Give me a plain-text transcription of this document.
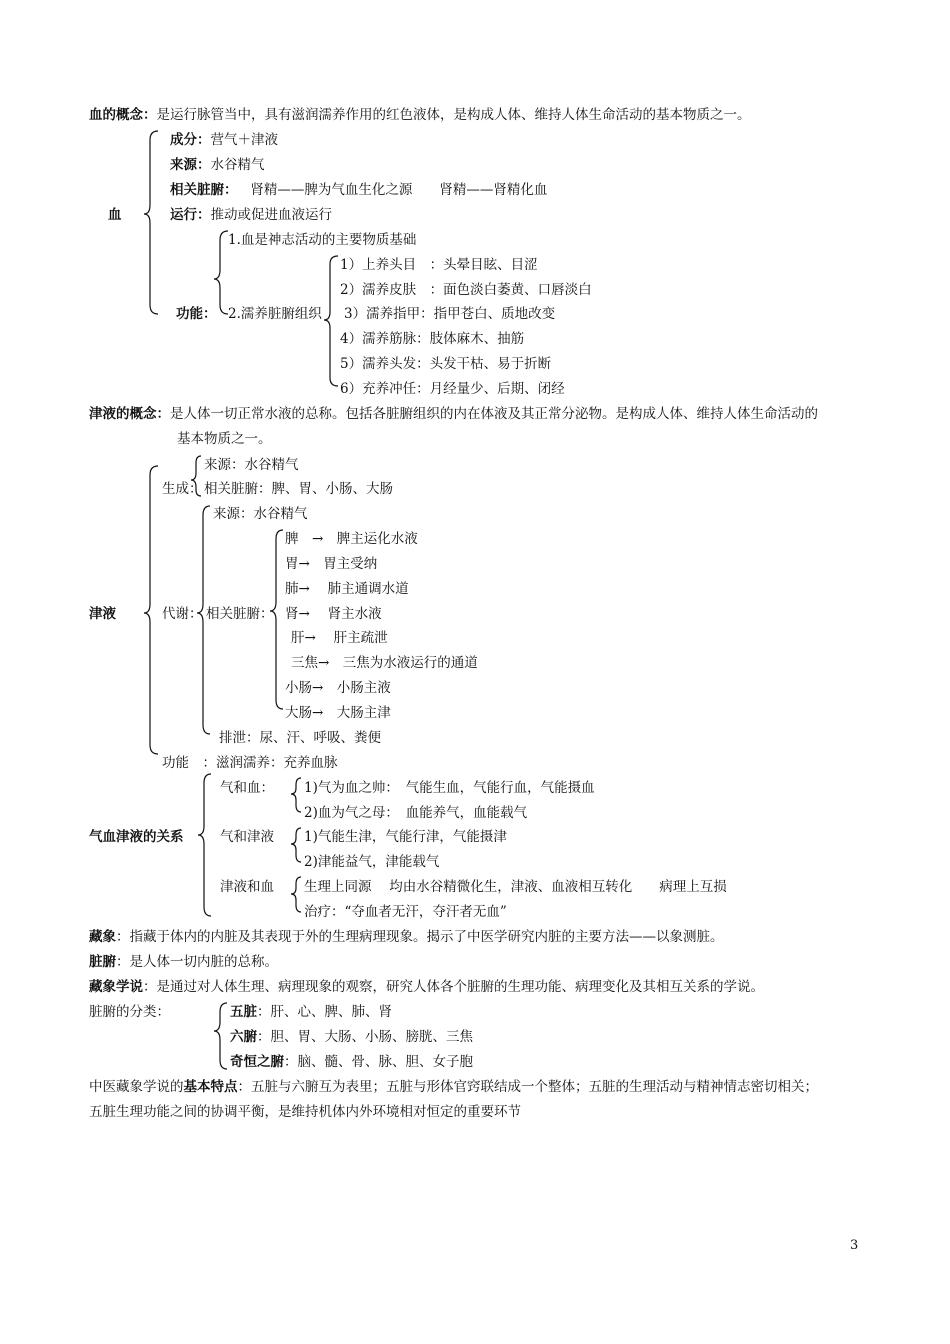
血的概念：是运行脉管当中，具有滋润濡养作用的红色液体，是构成人体、维持人体生命活动的基本物质之一。
血
成分：营气＋津液
来源：水谷精气
相关脏腑： 肾精——脾为气血生化之源　　肾精——肾精化血
运行：推动或促进血液运行
功能：
1.血是神志活动的主要物质基础
2.濡养脏腑组织
1）上养头目　：头晕目眩、目涩
2）濡养皮肤　：面色淡白萎黄、口唇淡白
3）濡养指甲：指甲苍白、质地改变
4）濡养筋脉：肢体麻木、抽筋
5）濡养头发：头发干枯、易于折断
6）充养冲任：月经量少、后期、闭经
津液的概念：是人体一切正常水液的总称。包括各脏腑组织的内在体液及其正常分泌物。是构成人体、维持人体生命活动的
基本物质之一。
津液
生成：
来源：水谷精气
相关脏腑：脾、胃、小肠、大肠
代谢：
来源：水谷精气
相关脏腑：
脾　→　脾主运化水液
胃→　胃主受纳
肺→　 肺主通调水道
肾→　 肾主水液
肝→　 肝主疏泄
三焦→　三焦为水液运行的通道
小肠→　小肠主液
大肠→　大肠主津
排泄：尿、汗、呼吸、粪便
功能　：滋润濡养：充养血脉
气血津液的关系
气和血： 1)气为血之帅：　气能生血，气能行血，气能摄血
2)血为气之母：　血能养气，血能载气
气和津液 1)气能生津，气能行津，气能摄津
2)津能益气，津能载气
津液和血 生理上同源　 均由水谷精微化生，津液、血液相互转化　　病理上互损
治疗：“夺血者无汗，夺汗者无血”
藏象：指藏于体内的内脏及其表现于外的生理病理现象。揭示了中医学研究内脏的主要方法——以象测脏。
脏腑：是人体一切内脏的总称。
藏象学说：是通过对人体生理、病理现象的观察，研究人体各个脏腑的生理功能、病理变化及其相互关系的学说。
脏腑的分类：	五脏：肝、心、脾、肺、肾
六腑：胆、胃、大肠、小肠、膀胱、三焦
奇恒之腑：脑、髓、骨、脉、胆、女子胞
中医藏象学说的基本特点：五脏与六腑互为表里；五脏与形体官窍联结成一个整体；五脏的生理活动与精神情志密切相关；
五脏生理功能之间的协调平衡，是维持机体内外环境相对恒定的重要环节
3
